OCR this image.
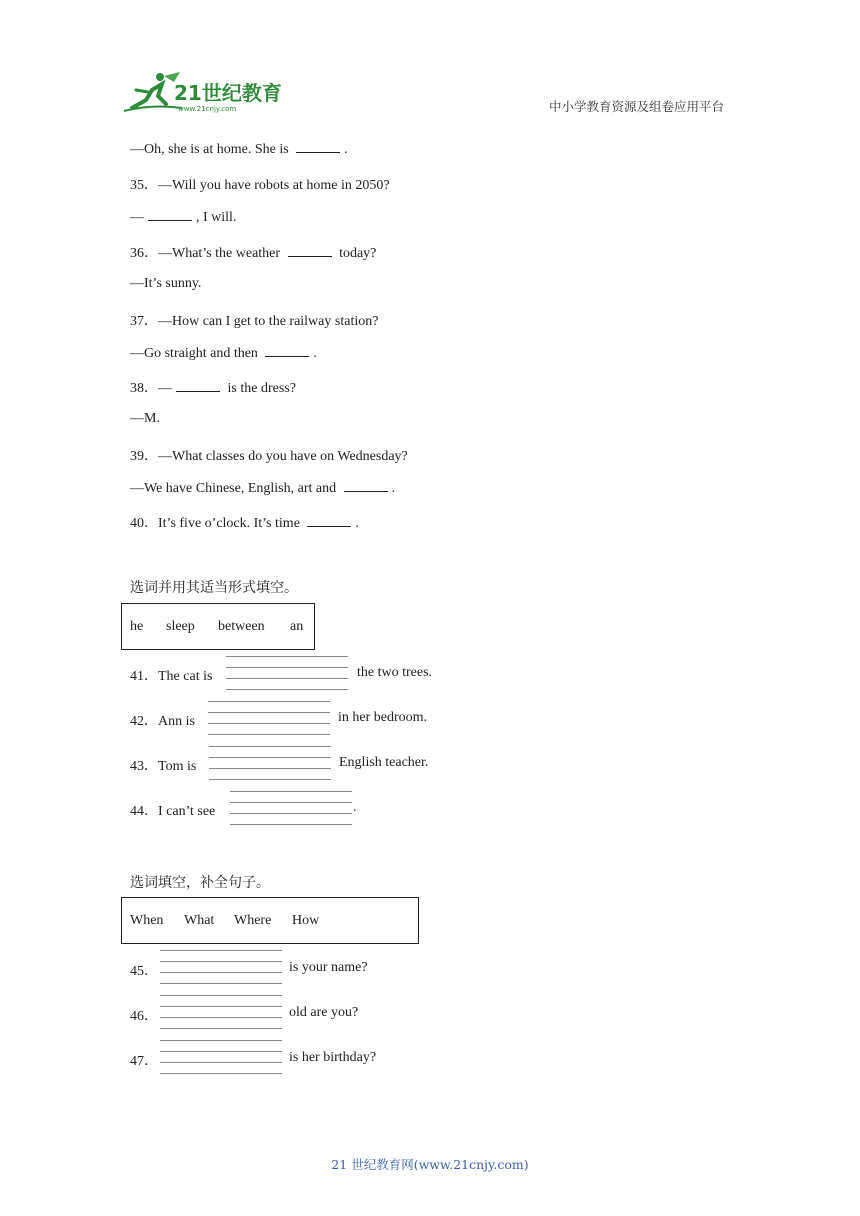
21世纪教育
www.21cnjy.com	中小学教育资源及组卷应用平台
—Oh, she is at home. She is	.
35．—Will you have robots at home in 2050?
—	, I will.
36．—What’s the weather	today?
—It’s sunny.
37．—How can I get to the railway station?
—Go straight and then	.
38．—	is the dress?
—M.
39．—What classes do you have on Wednesday?
—We have Chinese, English, art and	.
40．It’s five o’clock. It’s time	.
选词并用其适当形式填空。
he sleep between an
41．The cat is	the two trees.
42．Ann is	in her bedroom.
43．Tom is	English teacher.
44．I can’t see	.
选词填空，补全句子。
When What Where How
45．	is your name?
46．	old are you?
47．	is her birthday?
21 世纪教育网(www.21cnjy.com)
